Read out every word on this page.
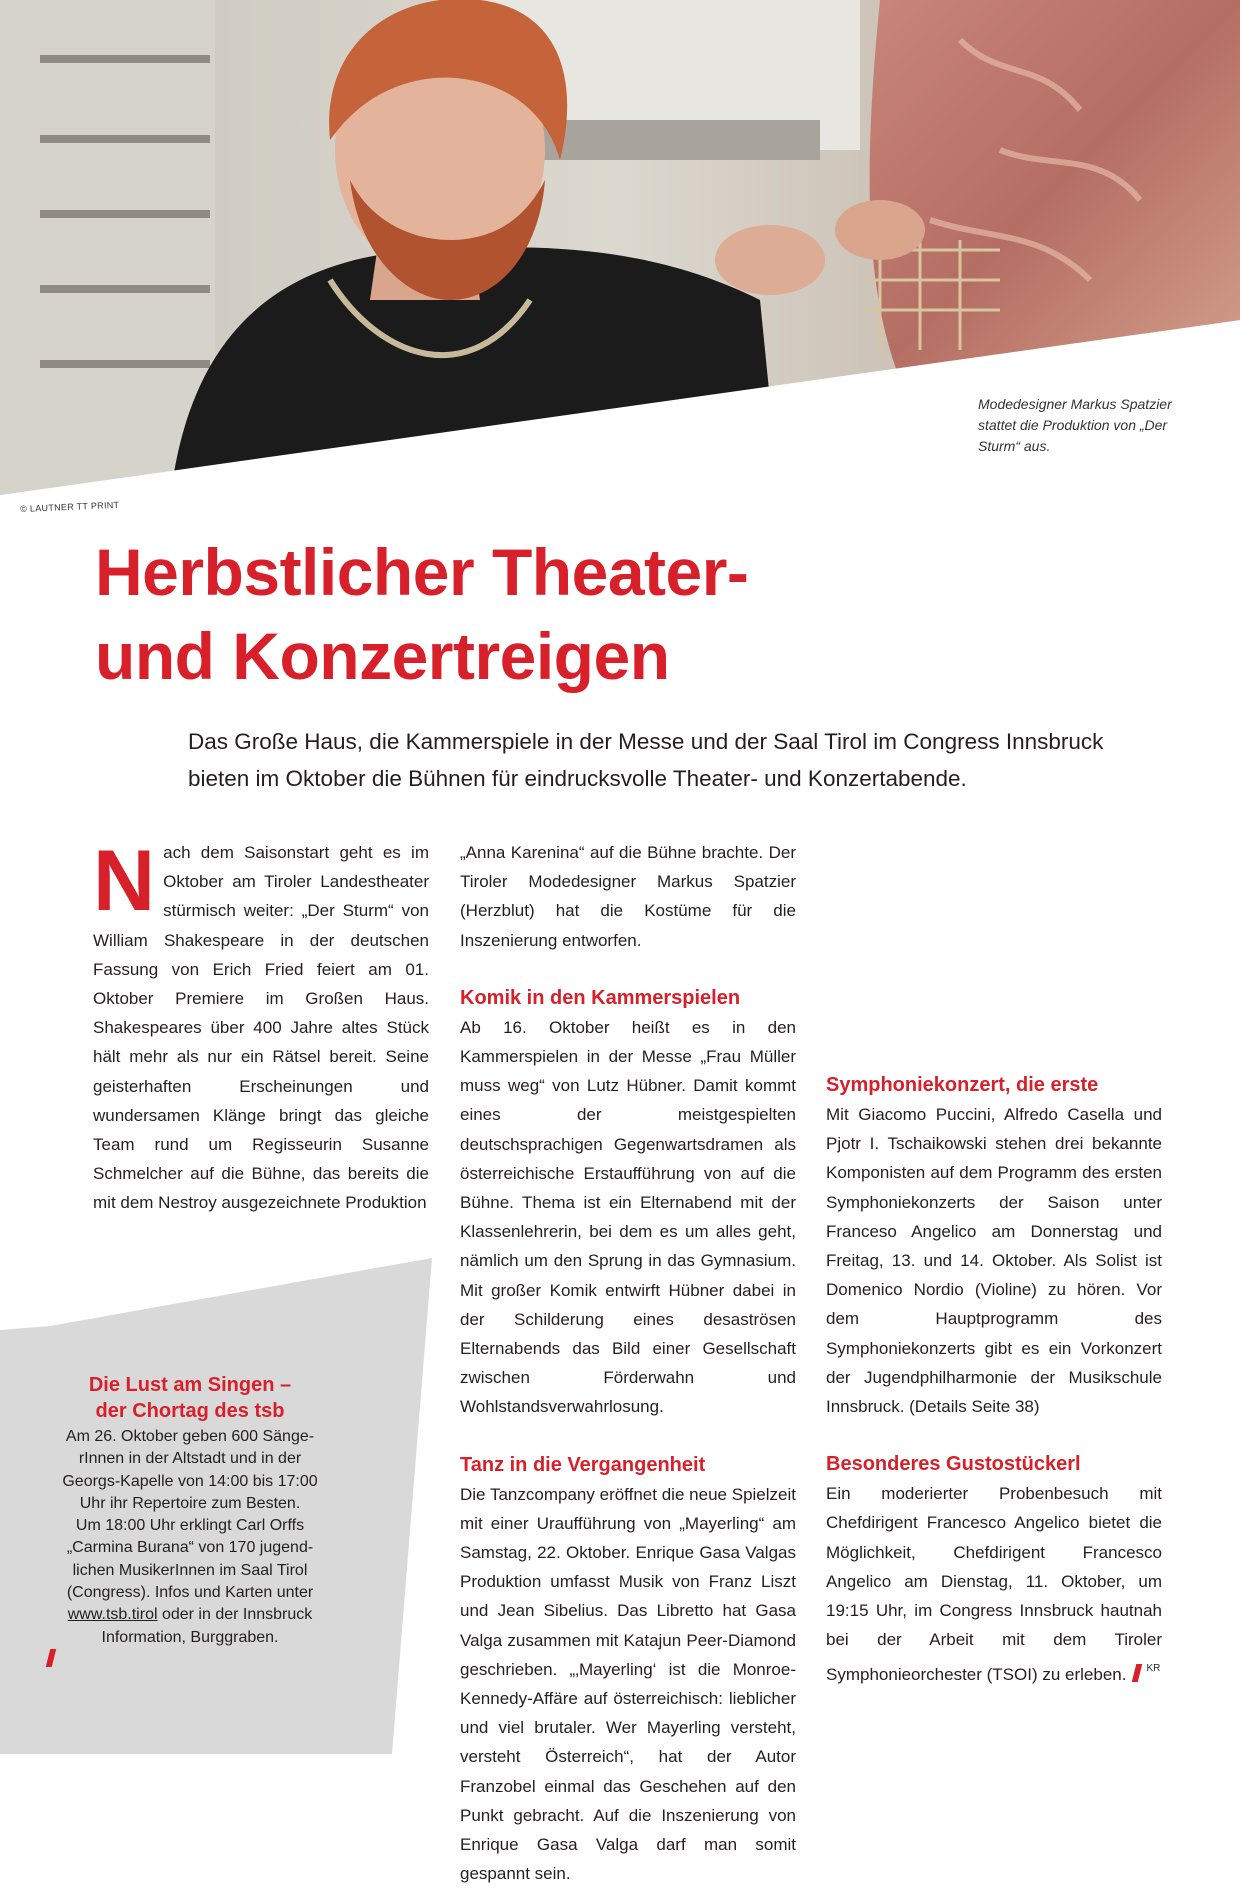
© LAUTNER TT PRINT
Modedesigner Markus Spatzier stattet die Produktion von „Der Sturm“ aus.
Herbstlicher Theater-
und Konzertreigen

Das Große Haus, die Kammerspiele in der Messe und der Saal Tirol im Congress Innsbruck
bieten im Oktober die Bühnen für eindrucksvolle Theater- und Konzertabende.

Nach dem Saisonstart geht es im Oktober am Tiroler Landestheater stürmisch weiter: „Der Sturm“ von William Shakespeare in der deutschen Fassung von Erich Fried feiert am 01. Oktober Premiere im Großen Haus. Shakespeares über 400 Jahre altes Stück hält mehr als nur ein Rätsel bereit. Seine geisterhaften Erscheinungen und wundersamen Klänge bringt das gleiche Team rund um Regisseurin Susanne Schmelcher auf die Bühne, das bereits die mit dem Nestroy ausgezeichnete Produktion

„Anna Karenina“ auf die Bühne brachte. Der Tiroler Modedesigner Markus Spatzier (Herzblut) hat die Kostüme für die Inszenierung entworfen.

Komik in den Kammerspielen

Ab 16. Oktober heißt es in den Kammerspielen in der Messe „Frau Müller muss weg“ von Lutz Hübner. Damit kommt eines der meistgespielten deutschsprachigen Gegenwartsdramen als österreichische Erstaufführung von auf die Bühne. Thema ist ein Elternabend mit der Klassenlehrerin, bei dem es um alles geht, nämlich um den Sprung in das Gymnasium. Mit großer Komik entwirft Hübner dabei in der Schilderung eines desaströsen Elternabends das Bild einer Gesellschaft zwischen Förderwahn und Wohlstandsverwahrlosung.

Tanz in die Vergangenheit

Die Tanzcompany eröffnet die neue Spielzeit mit einer Uraufführung von „Mayerling“ am Samstag, 22. Oktober. Enrique Gasa Valgas Produktion umfasst Musik von Franz Liszt und Jean Sibelius. Das Libretto hat Gasa Valga zusammen mit Katajun Peer-Diamond geschrieben. „‚Mayerling‘ ist die Monroe-Kennedy-Affäre auf österreichisch: lieblicher und viel brutaler. Wer Mayerling versteht, versteht Österreich“, hat der Autor Franzobel einmal das Geschehen auf den Punkt gebracht. Auf die Inszenierung von Enrique Gasa Valga darf man somit gespannt sein.

Symphoniekonzert, die erste

Mit Giacomo Puccini, Alfredo Casella und Pjotr I. Tschaikowski stehen drei bekannte Komponisten auf dem Programm des ersten Symphoniekonzerts der Saison unter Franceso Angelico am Donnerstag und Freitag, 13. und 14. Oktober. Als Solist ist Domenico Nordio (Violine) zu hören. Vor dem Hauptprogramm des Symphoniekonzerts gibt es ein Vorkonzert der Jugendphilharmonie der Musikschule Innsbruck. (Details Seite 38)

Besonderes Gustostückerl

Ein moderierter Probenbesuch mit Chefdirigent Francesco Angelico bietet die Möglichkeit, Chefdirigent Francesco Angelico am Dienstag, 11. Oktober, um 19:15 Uhr, im Congress Innsbruck hautnah bei der Arbeit mit dem Tiroler Symphonieorchester (TSOI) zu erleben. $^{KR}$

Die Lust am Singen –
der Chortag des tsb
Am 26. Oktober geben 600 Sänge-
rInnen in der Altstadt und in der
Georgs-Kapelle von 14:00 bis 17:00
Uhr ihr Repertoire zum Besten.
Um 18:00 Uhr erklingt Carl Orffs
„Carmina Burana“ von 170 jugend-
lichen MusikerInnen im Saal Tirol
(Congress). Infos und Karten unter
www.tsb.tirol oder in der Innsbruck
Information, Burggraben.
